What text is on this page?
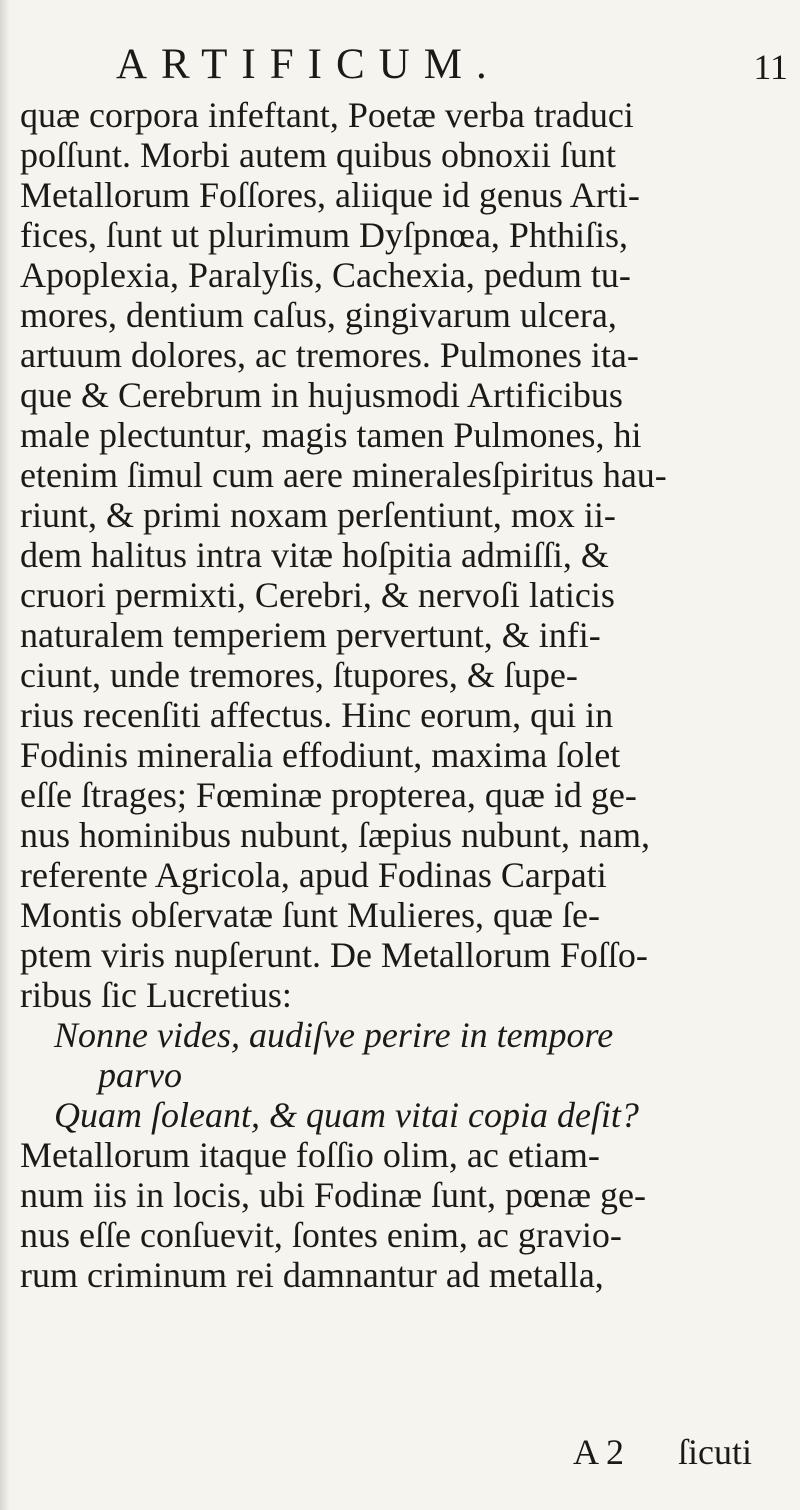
ARTIFICUM.	11
quæ corpora infeftant, Poetæ verba traduci
poſſunt. Morbi autem quibus obnoxii ſunt
Metallorum Foſſores, aliique id genus Arti-
fices, ſunt ut plurimum Dyſpnœa, Phthiſis,
Apoplexia, Paralyſis, Cachexia, pedum tu-
mores, dentium caſus, gingivarum ulcera,
artuum dolores, ac tremores. Pulmones ita-
que & Cerebrum in hujusmodi Artificibus
male plectuntur, magis tamen Pulmones, hi
etenim ſimul cum aere mineralesſpiritus hau-
riunt, & primi noxam perſentiunt, mox ii-
dem halitus intra vitæ hoſpitia admiſſi, &
cruori permixti, Cerebri, & nervoſi laticis
naturalem temperiem pervertunt, & infi-
ciunt, unde tremores, ſtupores, & ſupe-
rius recenſiti affectus. Hinc eorum, qui in
Fodinis mineralia effodiunt, maxima ſolet
eſſe ſtrages; Fœminæ propterea, quæ id ge-
nus hominibus nubunt, ſæpius nubunt, nam,
referente Agricola, apud Fodinas Carpati
Montis obſervatæ ſunt Mulieres, quæ ſe-
ptem viris nupſerunt. De Metallorum Foſſo-
ribus ſic Lucretius:
Nonne vides, audiſve perire in tempore
parvo
Quam ſoleant, & quam vitai copia deſit?
Metallorum itaque foſſio olim, ac etiam-
num iis in locis, ubi Fodinæ ſunt, pœnæ ge-
nus eſſe conſuevit, ſontes enim, ac gravio-
rum criminum rei damnantur ad metalla,
A 2 ſicuti
